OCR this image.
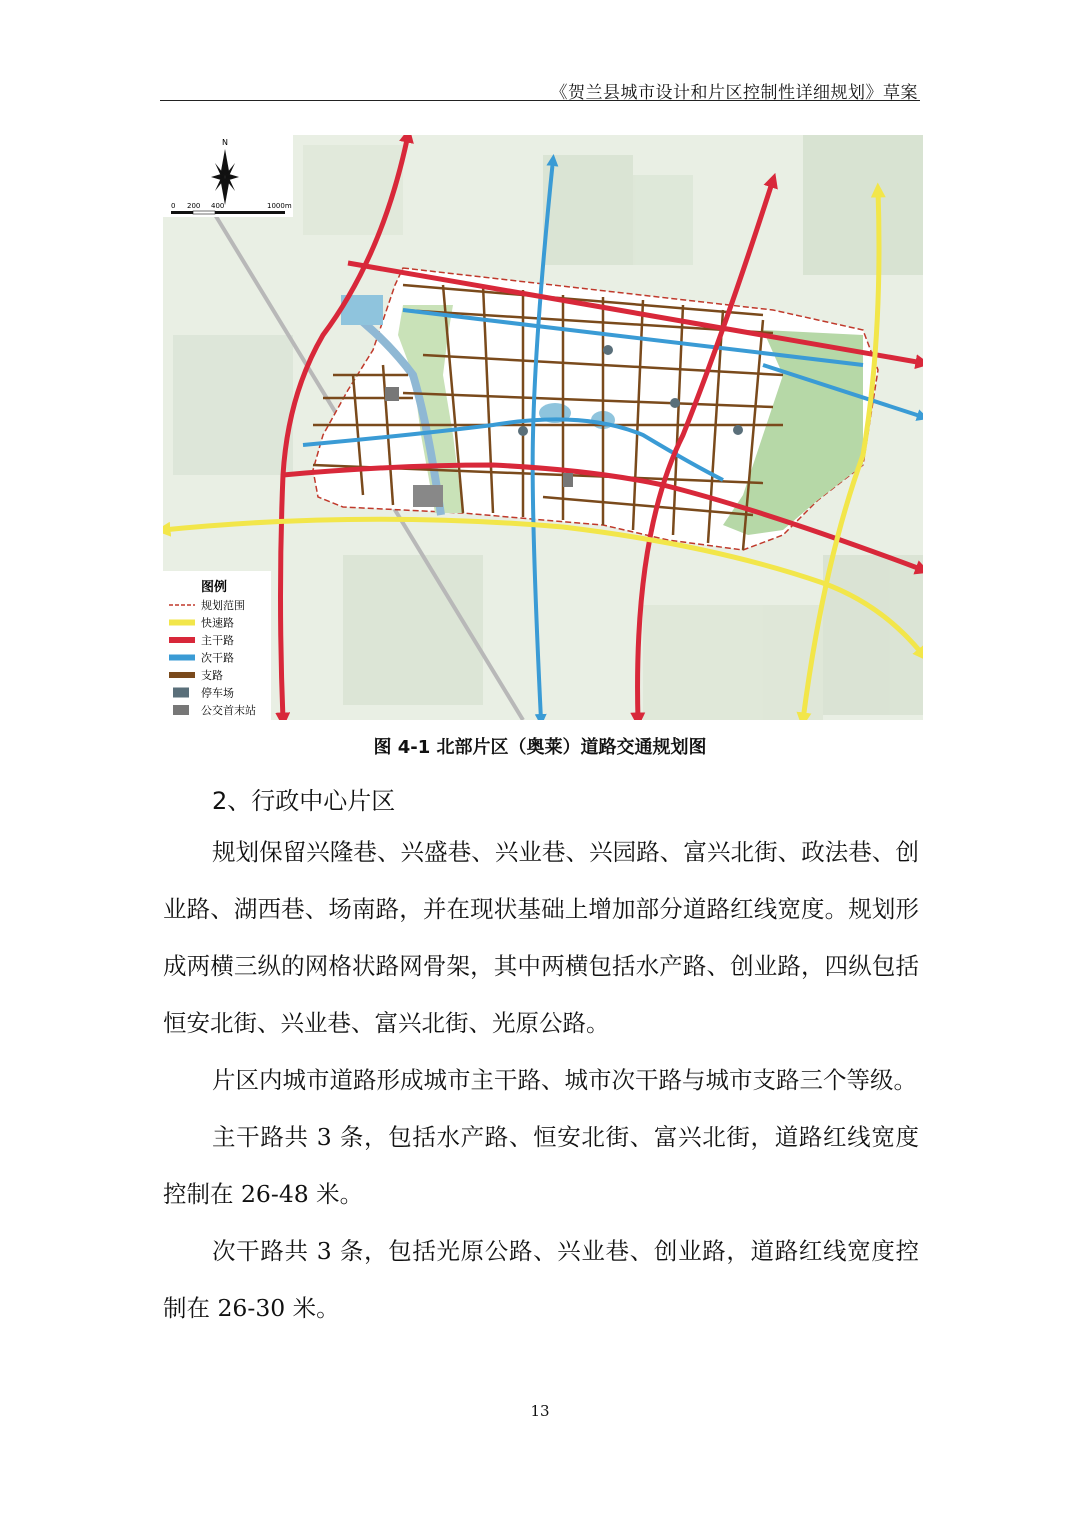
《贺兰县城市设计和片区控制性详细规划》草案
N
0 200 400	1000m
图例
规划范围
快速路
主干路
次干路
支路
停车场
公交首末站
图 4-1 北部片区（奥莱）道路交通规划图
2、行政中心片区

规划保留兴隆巷、兴盛巷、兴业巷、兴园路、富兴北街、政法巷、创业路、湖西巷、场南路，并在现状基础上增加部分道路红线宽度。规划形成两横三纵的网格状路网骨架，其中两横包括水产路、创业路，四纵包括恒安北街、兴业巷、富兴北街、光原公路。

片区内城市道路形成城市主干路、城市次干路与城市支路三个等级。

主干路共 3 条，包括水产路、恒安北街、富兴北街，道路红线宽度控制在 26-48 米。

次干路共 3 条，包括光原公路、兴业巷、创业路，道路红线宽度控制在 26-30 米。

13
